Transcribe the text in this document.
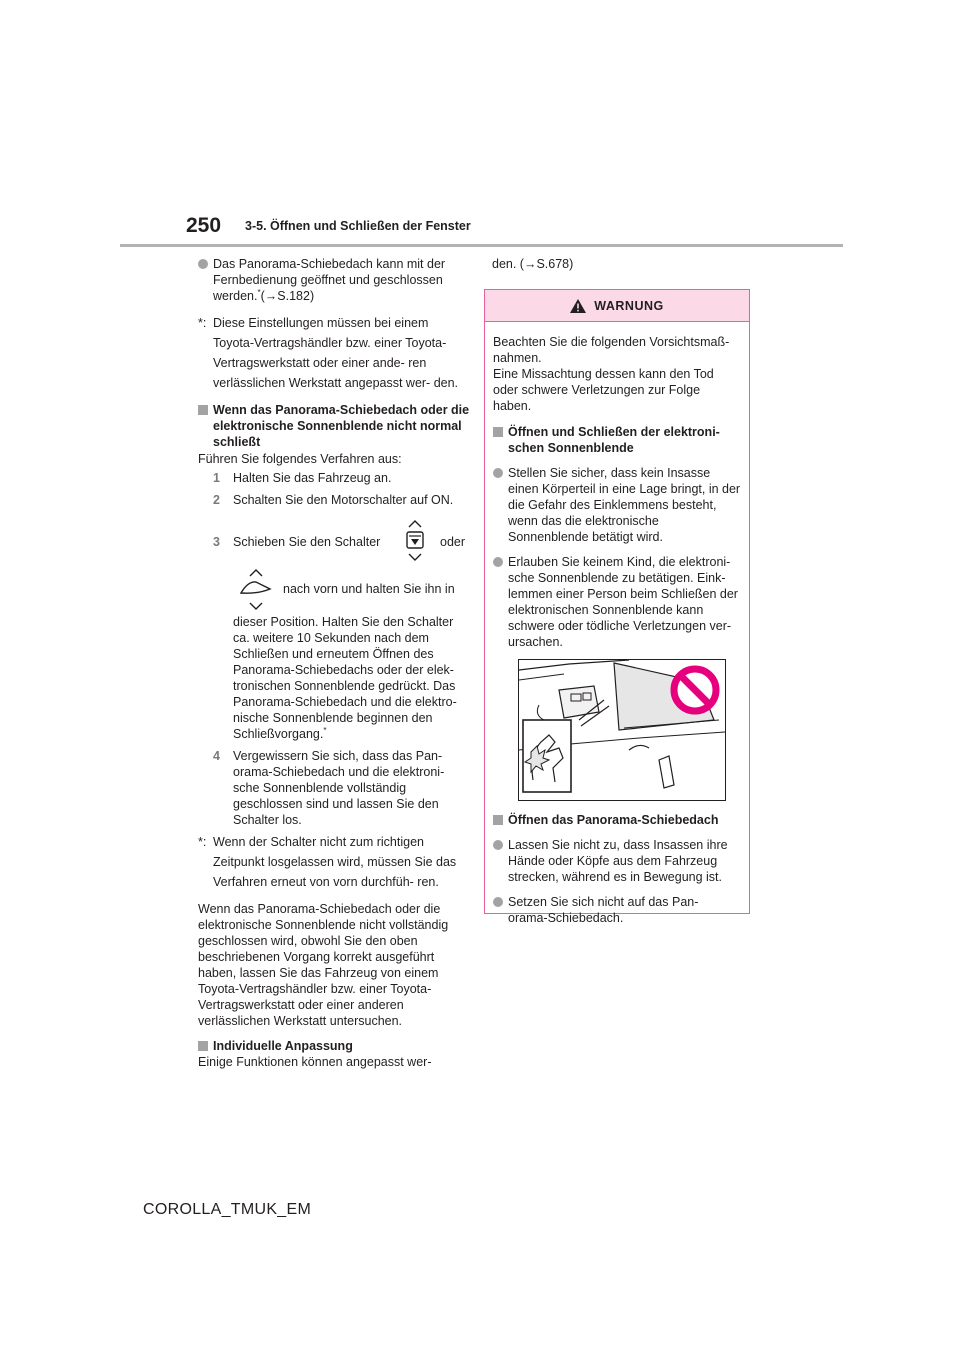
250 3-5. Öffnen und Schließen der Fenster
Das Panorama-Schiebedach kann mit der Fernbedienung geöffnet und geschlossen werden.*(→S.182)
*: Diese Einstellungen müssen bei einem Toyota-Vertragshändler bzw. einer Toyota-Vertragswerkstatt oder einer ande- ren verlässlichen Werkstatt angepasst wer- den.
Wenn das Panorama-Schiebedach oder die elektronische Sonnenblende nicht normal schließt

Führen Sie folgendes Verfahren aus:

1 Halten Sie das Fahrzeug an.
2 Schalten Sie den Motorschalter auf ON.
3 Schieben Sie den Schalter	oder
nach vorn und halten Sie ihn in
dieser Position. Halten Sie den Schalter ca. weitere 10 Sekunden nach dem Schließen und erneutem Öffnen des Panorama-Schiebedachs oder der elek- tronischen Sonnenblende gedrückt. Das Panorama-Schiebedach und die elektro- nische Sonnenblende beginnen den Schließvorgang.*
4 Vergewissern Sie sich, dass das Pan- orama-Schiebedach und die elektroni- sche Sonnenblende vollständig geschlossen sind und lassen Sie den Schalter los.
*: Wenn der Schalter nicht zum richtigen Zeitpunkt losgelassen wird, müssen Sie das Verfahren erneut von vorn durchfüh- ren.

Wenn das Panorama-Schiebedach oder die elektronische Sonnenblende nicht vollständig geschlossen wird, obwohl Sie den oben beschriebenen Vorgang korrekt ausgeführt haben, lassen Sie das Fahrzeug von einem Toyota-Vertragshändler bzw. einer Toyota-Vertragswerkstatt oder einer anderen verlässlichen Werkstatt untersuchen.

Individuelle Anpassung

Einige Funktionen können angepasst wer-

den. (→S.678)

WARNUNG

Beachten Sie die folgenden Vorsichtsmaß- nahmen.

Eine Missachtung dessen kann den Tod oder schwere Verletzungen zur Folge haben.

Öffnen und Schließen der elektroni- schen Sonnenblende
Stellen Sie sicher, dass kein Insasse einen Körperteil in eine Lage bringt, in der die Gefahr des Einklemmens besteht, wenn das die elektronische Sonnenblende betätigt wird.
Erlauben Sie keinem Kind, die elektroni- sche Sonnenblende zu betätigen. Eink- lemmen einer Person beim Schließen der elektronischen Sonnenblende kann schwere oder tödliche Verletzungen ver- ursachen.
Öffnen das Panorama-Schiebedach
Lassen Sie nicht zu, dass Insassen ihre Hände oder Köpfe aus dem Fahrzeug strecken, während es in Bewegung ist.
Setzen Sie sich nicht auf das Pan- orama-Schiebedach.
COROLLA_TMUK_EM
